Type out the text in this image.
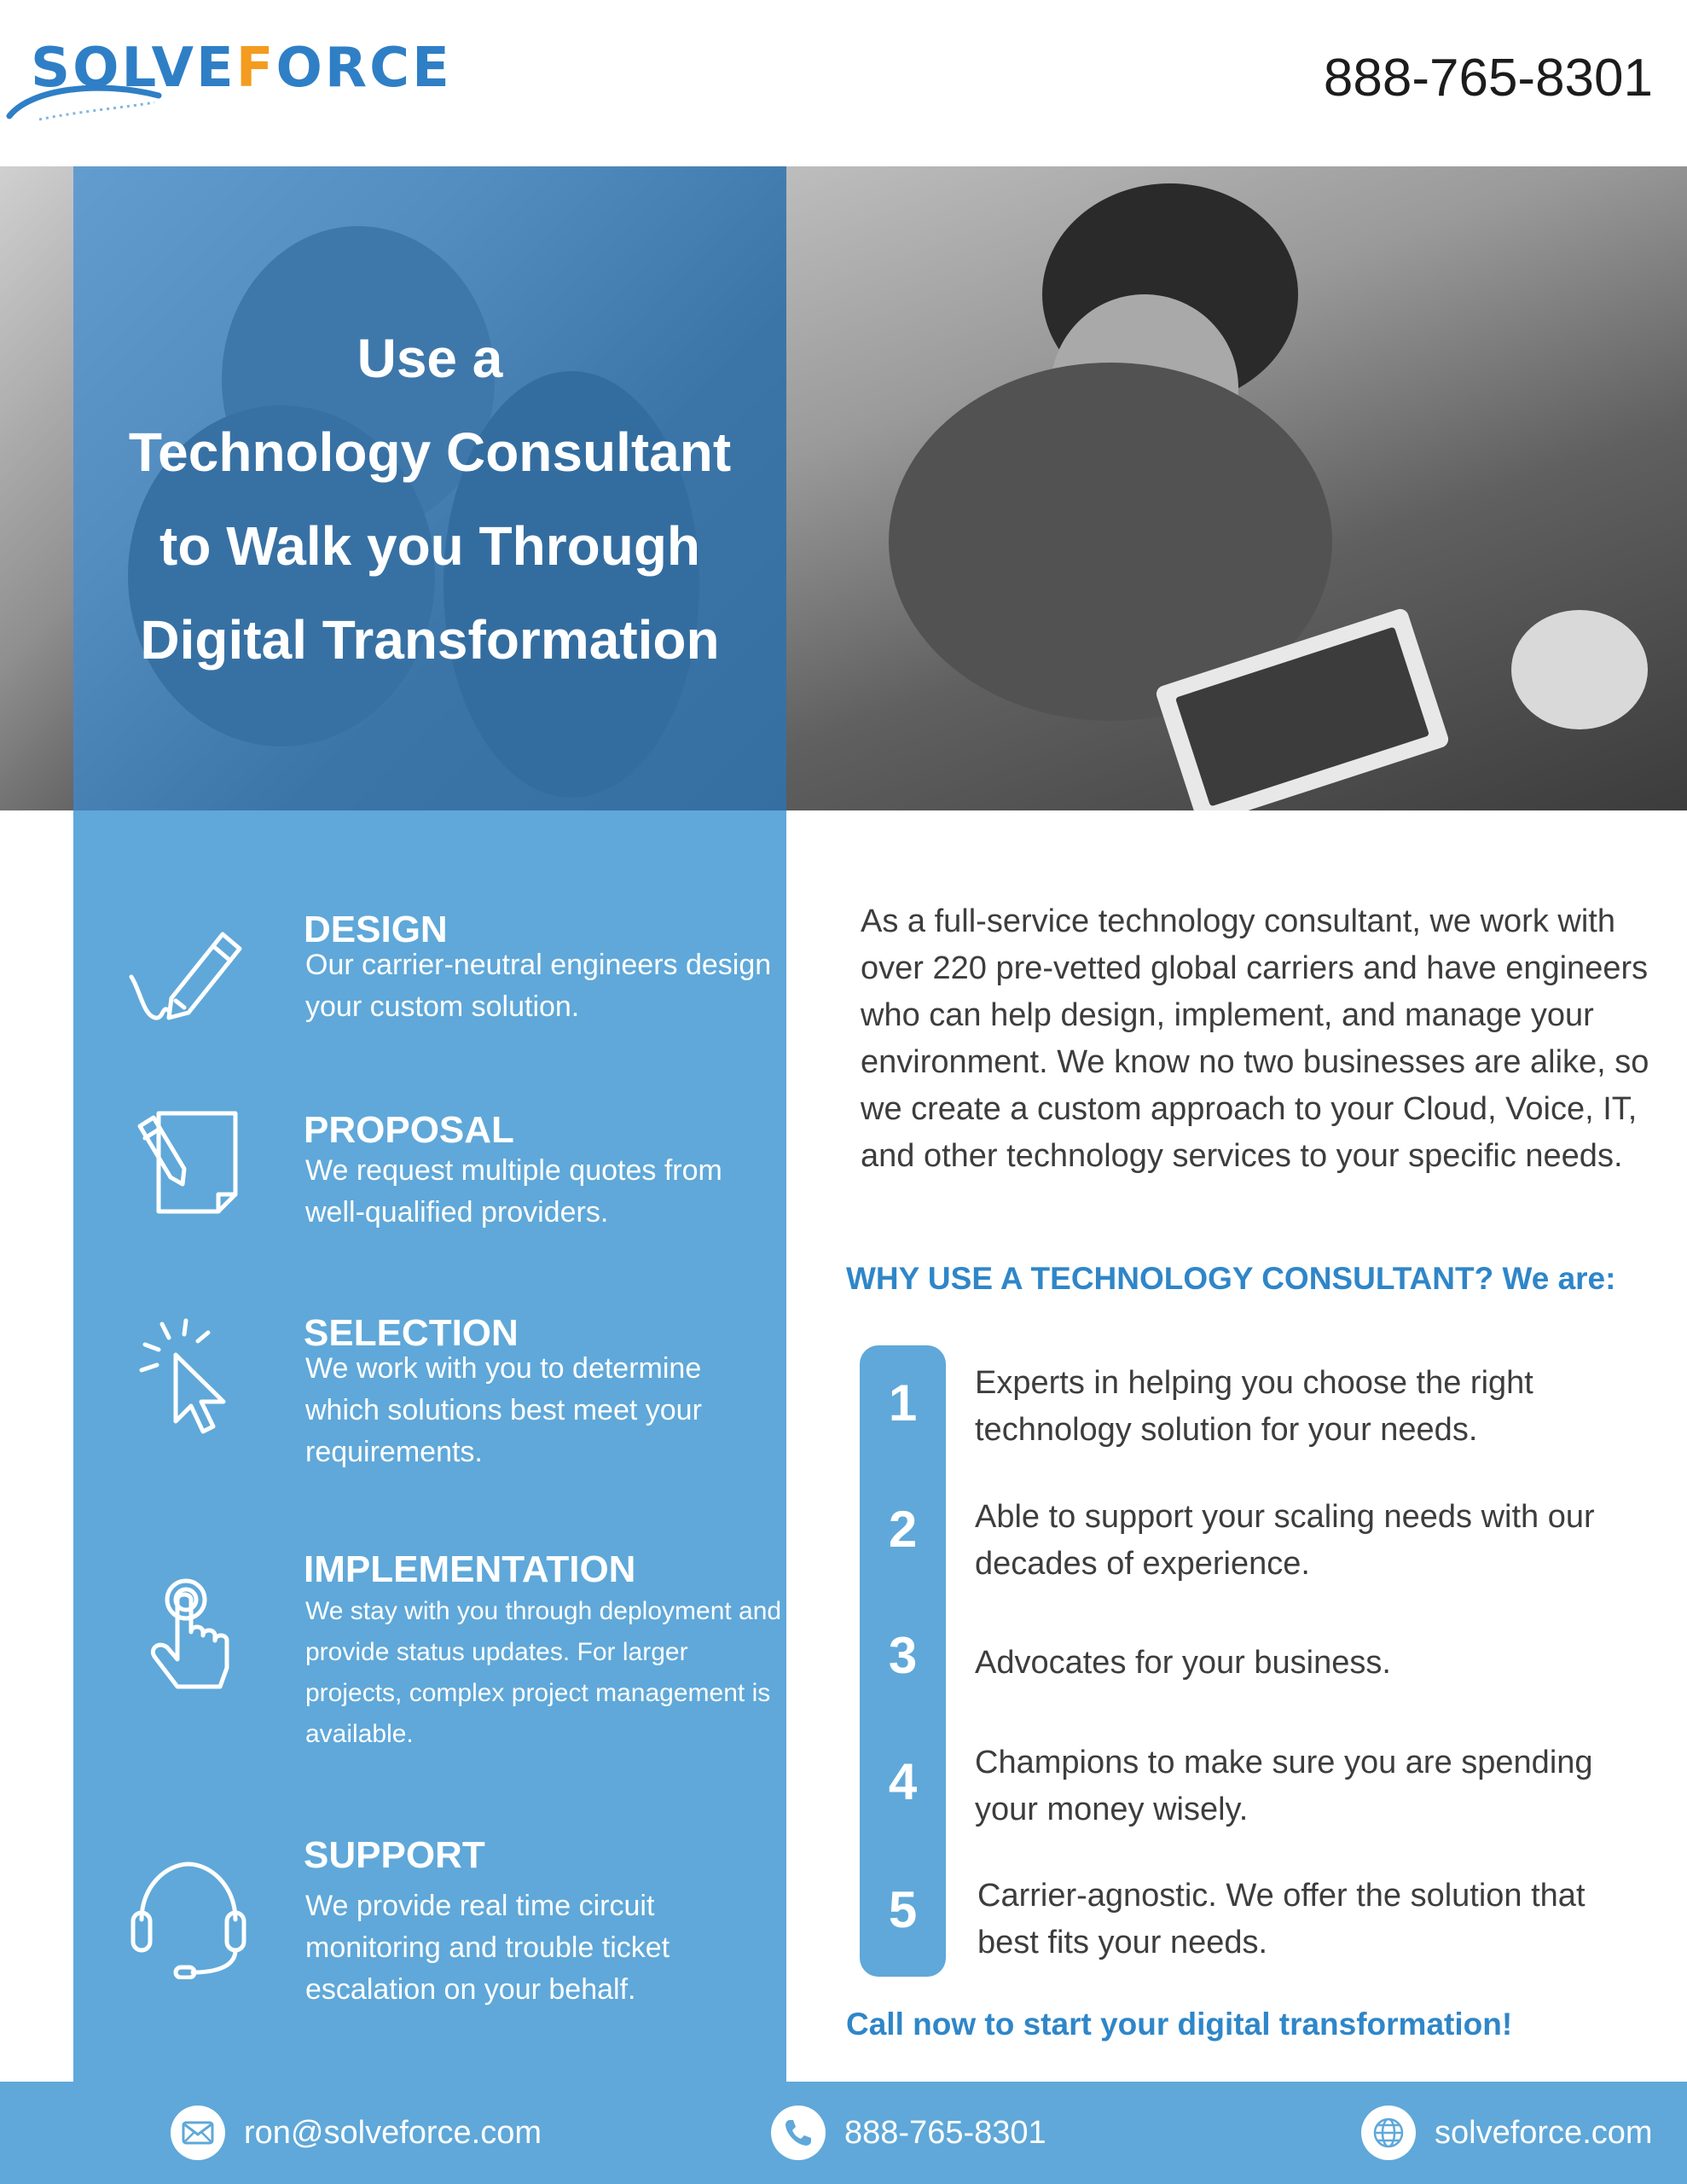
SOLVEFORCE	888-765-8301
Use a
Technology Consultant
to Walk you Through
Digital Transformation
DESIGN
Our carrier-neutral engineers design your custom solution.
PROPOSAL
We request multiple quotes from well-qualified providers.
SELECTION
We work with you to determine which solutions best meet your requirements.
IMPLEMENTATION
We stay with you through deployment and provide status updates. For larger projects, complex project management is available.
SUPPORT
We provide real time circuit monitoring and trouble ticket escalation on your behalf.
As a full-service technology consultant, we work with over 220 pre-vetted global carriers and have engineers who can help design, implement, and manage your environment. We know no two businesses are alike, so we create a custom approach to your Cloud, Voice, IT, and other technology services to your specific needs.
WHY USE A TECHNOLOGY CONSULTANT? We are:
1
2
3
4
5
Experts in helping you choose the right technology solution for your needs.
Able to support your scaling needs with our decades of experience.
Advocates for your business.
Champions to make sure you are spending your money wisely.
Carrier-agnostic. We offer the solution that best fits your needs.
Call now to start your digital transformation!
ron@solveforce.com	888-765-8301	solveforce.com
